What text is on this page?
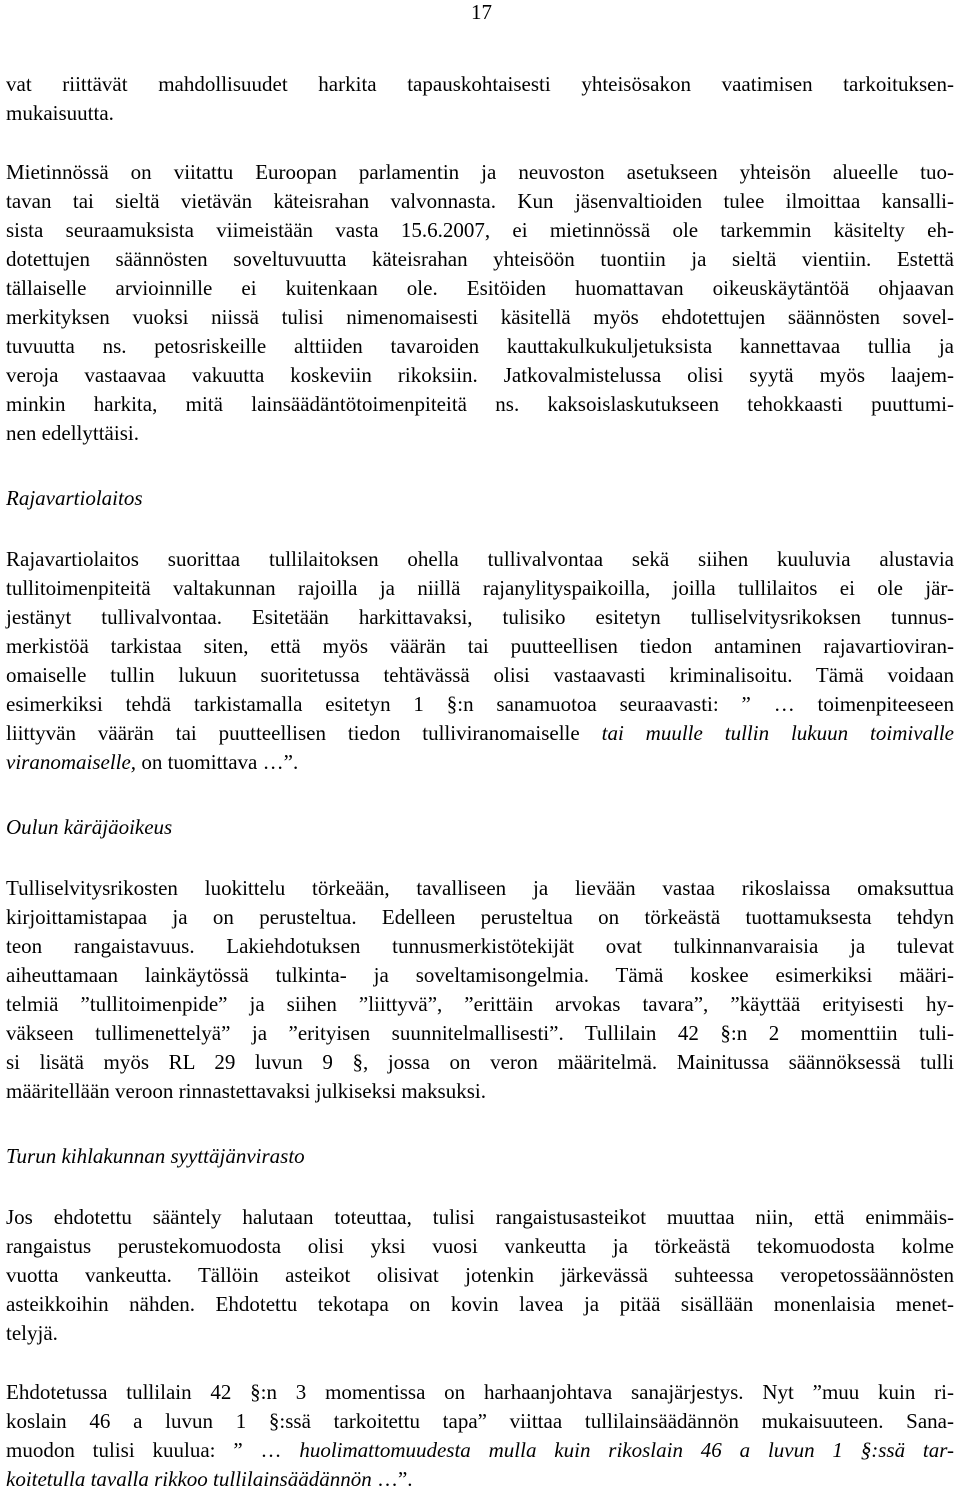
17
vat riittävät mahdollisuudet harkita tapauskohtaisesti yhteisösakon vaatimisen tarkoituksen-
mukaisuutta.
Mietinnössä on viitattu Euroopan parlamentin ja neuvoston asetukseen yhteisön alueelle tuo-
tavan tai sieltä vietävän käteisrahan valvonnasta. Kun jäsenvaltioiden tulee ilmoittaa kansalli-
sista seuraamuksista viimeistään vasta 15.6.2007, ei mietinnössä ole tarkemmin käsitelty eh-
dotettujen säännösten soveltuvuutta käteisrahan yhteisöön tuontiin ja sieltä vientiin. Estettä
tällaiselle arvioinnille ei kuitenkaan ole. Esitöiden huomattavan oikeuskäytäntöä ohjaavan
merkityksen vuoksi niissä tulisi nimenomaisesti käsitellä myös ehdotettujen säännösten sovel-
tuvuutta ns. petosriskeille alttiiden tavaroiden kauttakulkukuljetuksista kannettavaa tullia ja
veroja vastaavaa vakuutta koskeviin rikoksiin. Jatkovalmistelussa olisi syytä myös laajem-
minkin harkita, mitä lainsäädäntötoimenpiteitä ns. kaksoislaskutukseen tehokkaasti puuttumi-
nen edellyttäisi.
Rajavartiolaitos
Rajavartiolaitos suorittaa tullilaitoksen ohella tullivalvontaa sekä siihen kuuluvia alustavia
tullitoimenpiteitä valtakunnan rajoilla ja niillä rajanylityspaikoilla, joilla tullilaitos ei ole jär-
jestänyt tullivalvontaa. Esitetään harkittavaksi, tulisiko esitetyn tulliselvitysrikoksen tunnus-
merkistöä tarkistaa siten, että myös väärän tai puutteellisen tiedon antaminen rajavartioviran-
omaiselle tullin lukuun suoritetussa tehtävässä olisi vastaavasti kriminalisoitu. Tämä voidaan
esimerkiksi tehdä tarkistamalla esitetyn 1 §:n sanamuotoa seuraavasti: ” … toimenpiteeseen
liittyvän väärän tai puutteellisen tiedon tulliviranomaiselle tai muulle tullin lukuun toimivalle
viranomaiselle, on tuomittava …”.
Oulun käräjäoikeus
Tulliselvitysrikosten luokittelu törkeään, tavalliseen ja lievään vastaa rikoslaissa omaksuttua
kirjoittamistapaa ja on perusteltua. Edelleen perusteltua on törkeästä tuottamuksesta tehdyn
teon rangaistavuus. Lakiehdotuksen tunnusmerkistötekijät ovat tulkinnanvaraisia ja tulevat
aiheuttamaan lainkäytössä tulkinta- ja soveltamisongelmia. Tämä koskee esimerkiksi määri-
telmiä ”tullitoimenpide” ja siihen ”liittyvä”, ”erittäin arvokas tavara”, ”käyttää erityisesti hy-
väkseen tullimenettelyä” ja ”erityisen suunnitelmallisesti”. Tullilain 42 §:n 2 momenttiin tuli-
si lisätä myös RL 29 luvun 9 §, jossa on veron määritelmä. Mainitussa säännöksessä tulli
määritellään veroon rinnastettavaksi julkiseksi maksuksi.
Turun kihlakunnan syyttäjänvirasto
Jos ehdotettu sääntely halutaan toteuttaa, tulisi rangaistusasteikot muuttaa niin, että enimmäis-
rangaistus perustekomuodosta olisi yksi vuosi vankeutta ja törkeästä tekomuodosta kolme
vuotta vankeutta. Tällöin asteikot olisivat jotenkin järkevässä suhteessa veropetossäännösten
asteikkoihin nähden. Ehdotettu tekotapa on kovin lavea ja pitää sisällään monenlaisia menet-
telyjä.
Ehdotetussa tullilain 42 §:n 3 momentissa on harhaanjohtava sanajärjestys. Nyt ”muu kuin ri-
koslain 46 a luvun 1 §:ssä tarkoitettu tapa” viittaa tullilainsäädännön mukaisuuteen. Sana-
muodon tulisi kuulua: ” … huolimattomuudesta mulla kuin rikoslain 46 a luvun 1 §:ssä tar-
koitetulla tavalla rikkoo tullilainsäädännön …”.
